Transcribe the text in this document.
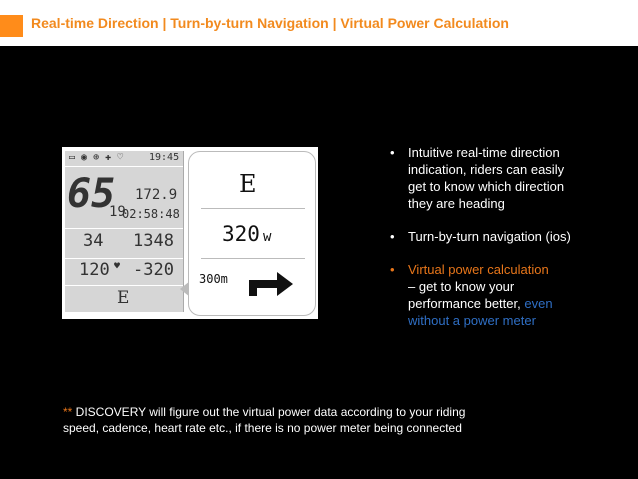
Real-time Direction | Turn-by-turn Navigation | Virtual Power Calculation
▭ ◉ ⊕ ✚ ♡	19:45
65
19
172.9
02:58:48
34 1348
120 ♥ -320
E
E
320 w
300m
• Intuitive real-time direction
indication, riders can easily
get to know which direction
they are heading
• Turn-by-turn navigation (ios)
• Virtual power calculation
– get to know your
performance better, even
without a power meter
** DISCOVERY will figure out the virtual power data according to your riding
speed, cadence, heart rate etc., if there is no power meter being connected
